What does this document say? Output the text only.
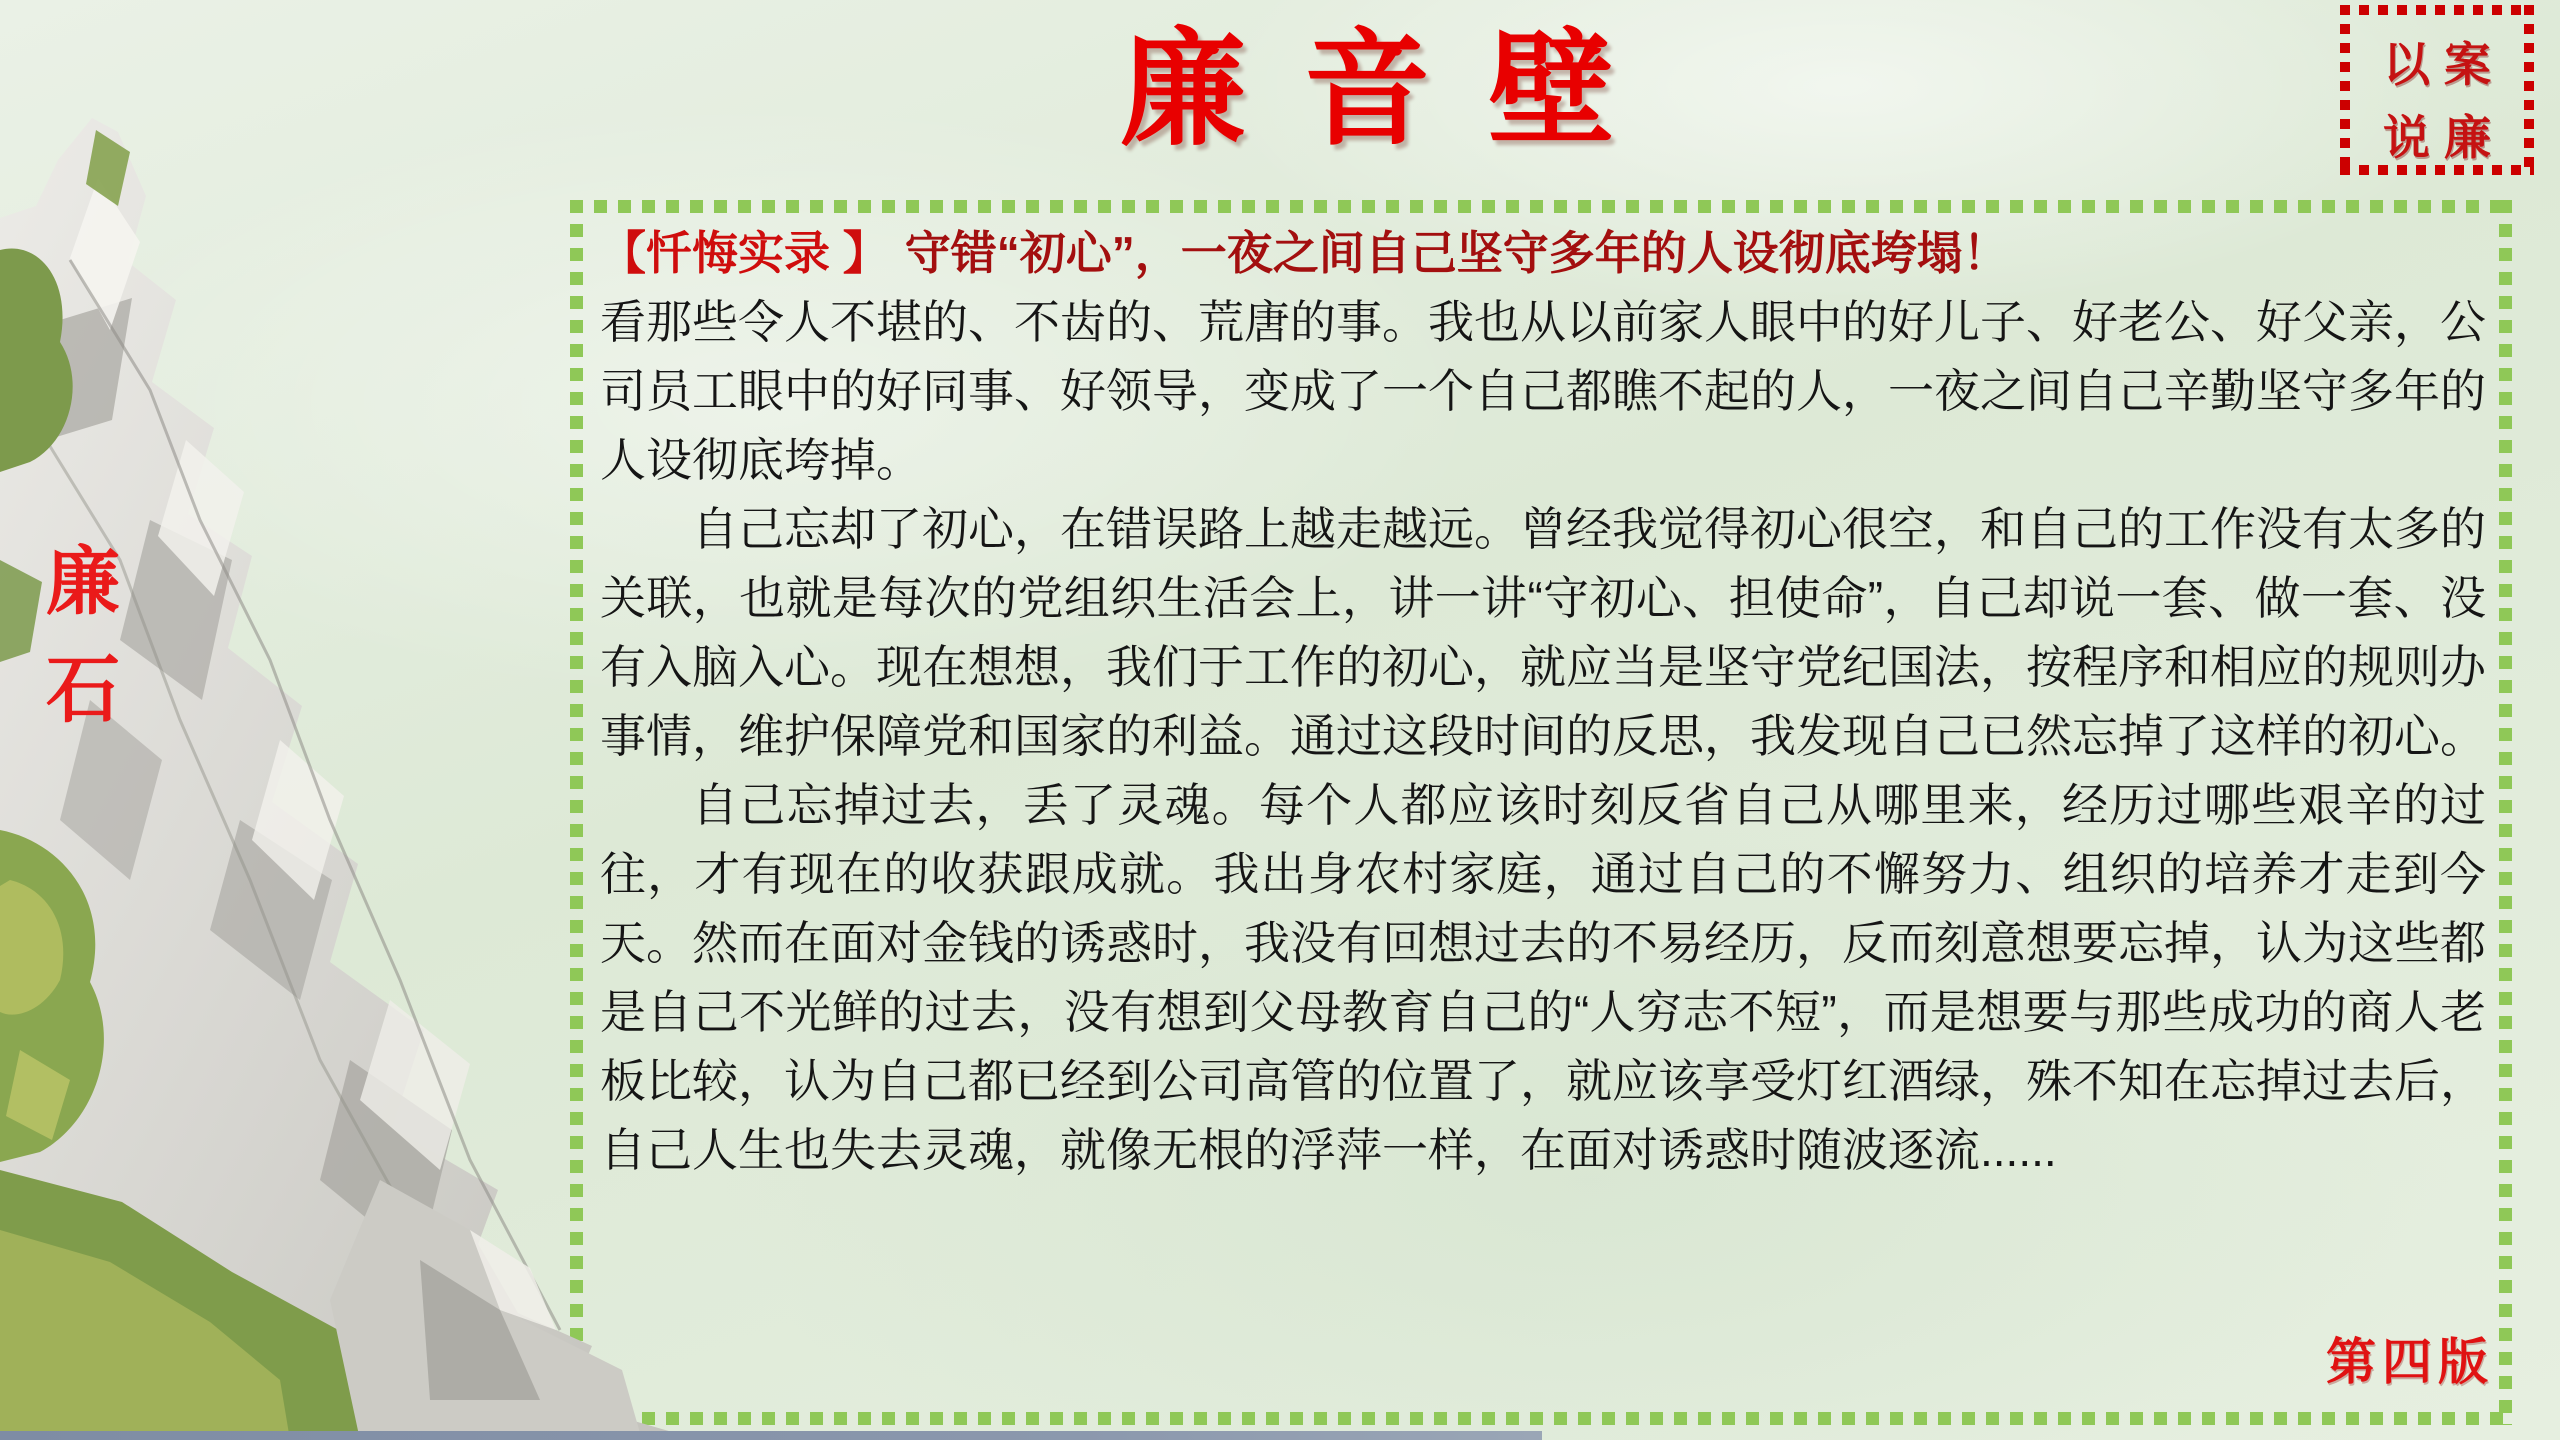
廉音壁	以案
说廉
【忏悔实录 】 守错“初心”，一夜之间自己坚守多年的人设彻底垮塌！

看那些令人不堪的、不齿的、荒唐的事。我也从以前家人眼中的好儿子、好老公、好父亲，公司员工眼中的好同事、好领导，变成了一个自己都瞧不起的人，一夜之间自己辛勤坚守多年的人设彻底垮掉。

自己忘却了初心，在错误路上越走越远。曾经我觉得初心很空，和自己的工作没有太多的关联，也就是每次的党组织生活会上，讲一讲“守初心、担使命”，自己却说一套、做一套、没有入脑入心。现在想想，我们于工作的初心，就应当是坚守党纪国法，按程序和相应的规则办事情，维护保障党和国家的利益。通过这段时间的反思，我发现自己已然忘掉了这样的初心。

自己忘掉过去，丢了灵魂。每个人都应该时刻反省自己从哪里来，经历过哪些艰辛的过往，才有现在的收获跟成就。我出身农村家庭，通过自己的不懈努力、组织的培养才走到今天。然而在面对金钱的诱惑时，我没有回想过去的不易经历，反而刻意想要忘掉，认为这些都是自己不光鲜的过去，没有想到父母教育自己的“人穷志不短”，而是想要与那些成功的商人老板比较，认为自己都已经到公司高管的位置了，就应该享受灯红酒绿，殊不知在忘掉过去后，自己人生也失去灵魂，就像无根的浮萍一样，在面对诱惑时随波逐流......

第四版
廉
石
